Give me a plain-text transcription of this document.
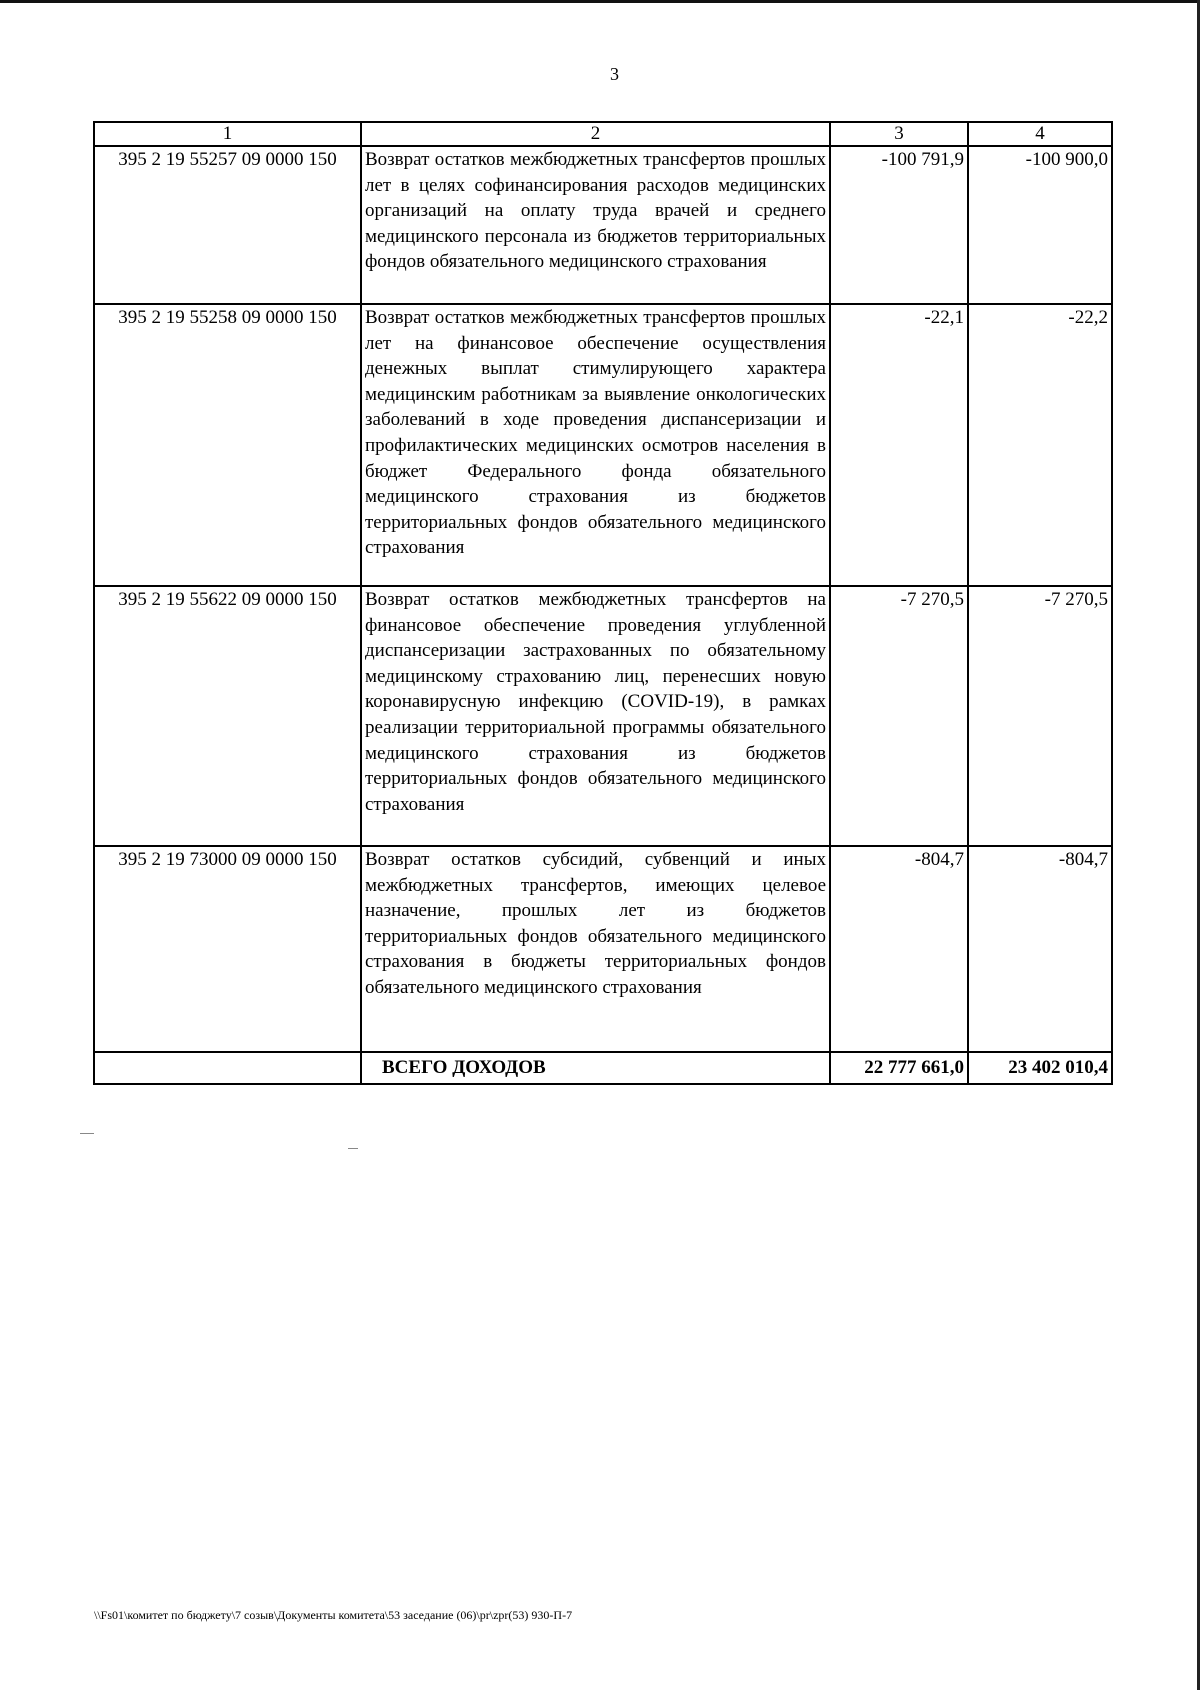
3
1	2	3	4
395 2 19 55257 09 0000 150	Возврат остатков межбюджетных трансфертов прошлых лет в целях софинансирования расходов медицинских организаций на оплату труда врачей и среднего медицинского персонала из бюджетов территориальных фондов обязательного медицинского страхования	-100 791,9	-100 900,0
395 2 19 55258 09 0000 150	Возврат остатков межбюджетных трансфертов прошлых лет на финансовое обеспечение осуществления денежных выплат стимулирующего характера медицинским работникам за выявление онкологических заболеваний в ходе проведения диспансеризации и профилактических медицинских осмотров населения в бюджет Федерального фонда обязательного медицинского страхования из бюджетов территориальных фондов обязательного медицинского страхования	-22,1	-22,2
395 2 19 55622 09 0000 150	Возврат остатков межбюджетных трансфертов на финансовое обеспечение проведения углубленной диспансеризации застрахованных по обязательному медицинскому страхованию лиц, перенесших новую коронавирусную инфекцию (COVID-19), в рамках реализации территориальной программы обязательного медицинского страхования из бюджетов территориальных фондов обязательного медицинского страхования	-7 270,5	-7 270,5
395 2 19 73000 09 0000 150	Возврат остатков субсидий, субвенций и иных межбюджетных трансфертов, имеющих целевое назначение, прошлых лет из бюджетов территориальных фондов обязательного медицинского страхования в бюджеты территориальных фондов обязательного медицинского страхования	-804,7	-804,7
	ВСЕГО ДОХОДОВ	22 777 661,0	23 402 010,4
\\Fs01\комитет по бюджету\7 созыв\Документы комитета\53 заседание (06)\pr\zpr(53) 930-П-7
